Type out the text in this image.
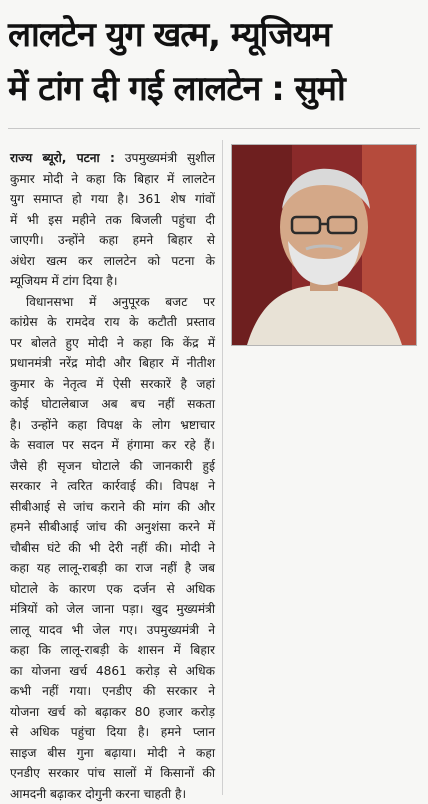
लालटेन युग खत्म, म्यूजियम
में टांग दी गई लालटेन : सुमो
राज्य ब्यूरो, पटना : उपमुख्यमंत्री सुशील
कुमार मोदी ने कहा कि बिहार में लालटेन
युग समाप्त हो गया है। 361 शेष गांवों
में भी इस महीने तक बिजली पहुंचा दी
जाएगी। उन्होंने कहा हमने बिहार से
अंधेरा खत्म कर लालटेन को पटना के
म्यूजियम में टांग दिया है।
विधानसभा में अनुपूरक बजट पर
कांग्रेस के रामदेव राय के कटौती प्रस्ताव
पर बोलते हुए मोदी ने कहा कि केंद्र में
प्रधानमंत्री नरेंद्र मोदी और बिहार में नीतीश
कुमार के नेतृत्व में ऐसी सरकारें है जहां
कोई घोटालेबाज अब बच नहीं सकता
है। उन्होंने कहा विपक्ष के लोग भ्रष्टाचार
के सवाल पर सदन में हंगामा कर रहे हैं।
जैसे ही सृजन घोटाले की जानकारी हुई
सरकार ने त्वरित कार्रवाई की। विपक्ष ने
सीबीआई से जांच कराने की मांग की और
हमने सीबीआई जांच की अनुशंसा करने में
चौबीस घंटे की भी देरी नहीं की। मोदी ने
कहा यह लालू-राबड़ी का राज नहीं है जब
घोटाले के कारण एक दर्जन से अधिक
मंत्रियों को जेल जाना पड़ा। खुद मुख्यमंत्री
लालू यादव भी जेल गए। उपमुख्यमंत्री ने
कहा कि लालू-राबड़ी के शासन में बिहार
का योजना खर्च 4861 करोड़ से अधिक
कभी नहीं गया। एनडीए की सरकार ने
योजना खर्च को बढ़ाकर 80 हजार करोड़
से अधिक पहुंचा दिया है। हमने प्लान
साइज बीस गुना बढ़ाया। मोदी ने कहा
एनडीए सरकार पांच सालों में किसानों की
आमदनी बढ़ाकर दोगुनी करना चाहती है।
